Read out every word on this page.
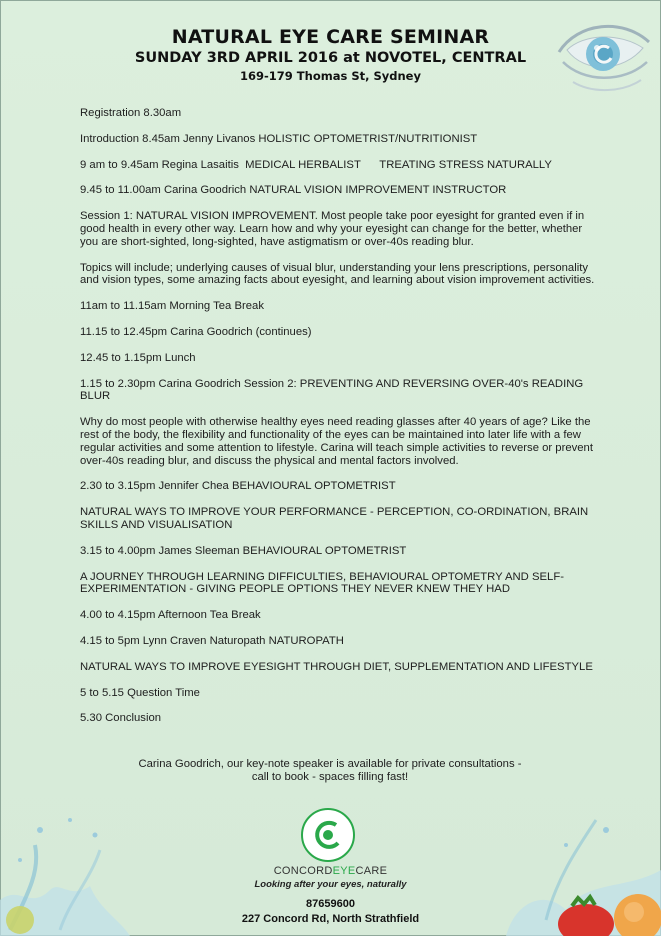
NATURAL EYE CARE SEMINAR
SUNDAY 3RD APRIL 2016 at NOVOTEL, CENTRAL
169-179 Thomas St, Sydney

Registration 8.30am

Introduction 8.45am Jenny Livanos HOLISTIC OPTOMETRIST/NUTRITIONIST

9 am to 9.45am Regina Lasaitis  MEDICAL HERBALIST      TREATING STRESS NATURALLY

9.45 to 11.00am Carina Goodrich NATURAL VISION IMPROVEMENT INSTRUCTOR

Session 1: NATURAL VISION IMPROVEMENT. Most people take poor eyesight for granted even if in good health in every other way. Learn how and why your eyesight can change for the better, whether you are short-sighted, long-sighted, have astigmatism or over-40s reading blur.

Topics will include; underlying causes of visual blur, understanding your lens prescriptions, personality and vision types, some amazing facts about eyesight, and learning about vision improvement activities.

11am to 11.15am Morning Tea Break

11.15 to 12.45pm Carina Goodrich (continues)

12.45 to 1.15pm Lunch

1.15 to 2.30pm Carina Goodrich Session 2: PREVENTING AND REVERSING OVER-40's READING BLUR

Why do most people with otherwise healthy eyes need reading glasses after 40 years of age? Like the rest of the body, the flexibility and functionality of the eyes can be maintained into later life with a few regular activities and some attention to lifestyle. Carina will teach simple activities to reverse or prevent over-40s reading blur, and discuss the physical and mental factors involved.

2.30 to 3.15pm Jennifer Chea BEHAVIOURAL OPTOMETRIST

NATURAL WAYS TO IMPROVE YOUR PERFORMANCE - PERCEPTION, CO-ORDINATION, BRAIN SKILLS AND VISUALISATION

3.15 to 4.00pm James Sleeman BEHAVIOURAL OPTOMETRIST

A JOURNEY THROUGH LEARNING DIFFICULTIES, BEHAVIOURAL OPTOMETRY AND SELF-EXPERIMENTATION - GIVING PEOPLE OPTIONS THEY NEVER KNEW THEY HAD

4.00 to 4.15pm Afternoon Tea Break

4.15 to 5pm Lynn Craven Naturopath NATUROPATH

NATURAL WAYS TO IMPROVE EYESIGHT THROUGH DIET, SUPPLEMENTATION AND LIFESTYLE

5 to 5.15 Question Time

5.30 Conclusion

Carina Goodrich, our key-note speaker is available for private consultations -
call to book - spaces filling fast!
CONCORDEYECARE
Looking after your eyes, naturally
87659600
227 Concord Rd, North Strathfield
